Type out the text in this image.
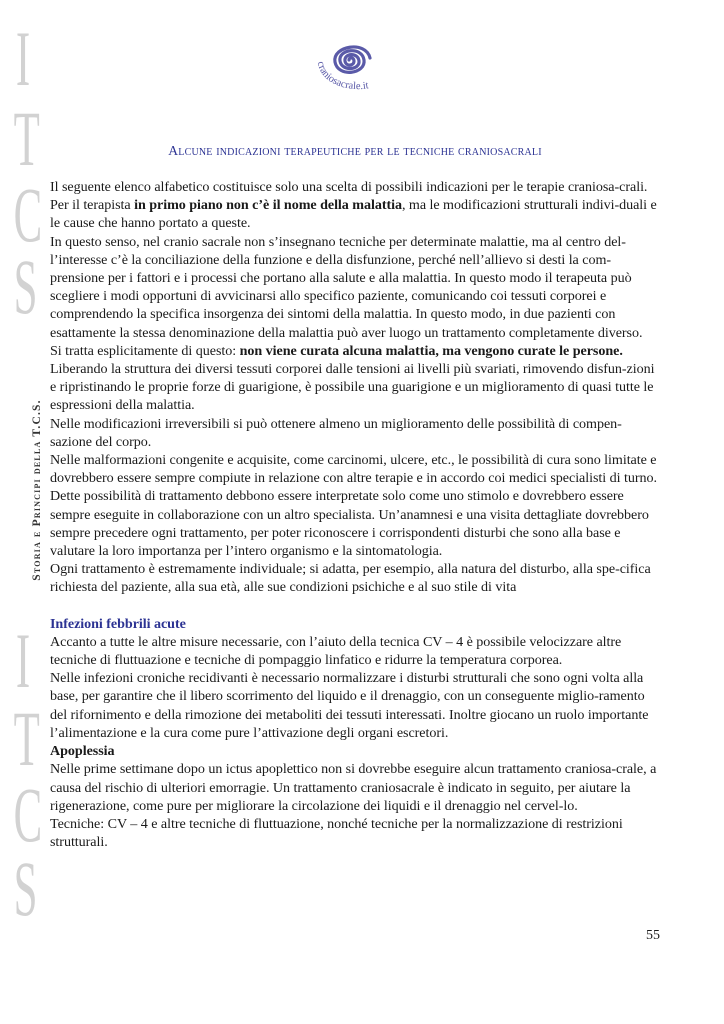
I
T
C
S
Storia e Principi della T.C.S.
I
T
C
S
craniosacrale.it
Alcune indicazioni terapeutiche per le tecniche craniosacrali

Il seguente elenco alfabetico costituisce solo una scelta di possibili indicazioni per le terapie craniosa-crali.

Per il terapista in primo piano non c’è il nome della malattia, ma le modificazioni strutturali indivi-duali e le cause che hanno portato a queste.

In questo senso, nel cranio sacrale non s’insegnano tecniche per determinate malattie, ma al centro del-l’interesse c’è la conciliazione della funzione e della disfunzione, perché nell’allievo si desti la com-prensione per i fattori e i processi che portano alla salute e alla malattia. In questo modo il terapeuta può scegliere i modi opportuni di avvicinarsi allo specifico paziente, comunicando coi tessuti corporei e comprendendo la specifica insorgenza dei sintomi della malattia. In questo modo, in due pazienti con esattamente la stessa denominazione della malattia può aver luogo un trattamento completamente diverso.

Si tratta esplicitamente di questo: non viene curata alcuna malattia, ma vengono curate le persone.

Liberando la struttura dei diversi tessuti corporei dalle tensioni ai livelli più svariati, rimovendo disfun-zioni e ripristinando le proprie forze di guarigione, è possibile una guarigione e un miglioramento di quasi tutte le espressioni della malattia.

Nelle modificazioni irreversibili si può ottenere almeno un miglioramento delle possibilità di compen-sazione del corpo.

Nelle malformazioni congenite e acquisite, come carcinomi, ulcere, etc., le possibilità di cura sono limitate e dovrebbero essere sempre compiute in relazione con altre terapie e in accordo coi medici specialisti di turno.

Dette possibilità di trattamento debbono essere interpretate solo come uno stimolo e dovrebbero essere sempre eseguite in collaborazione con un altro specialista. Un’anamnesi e una visita dettagliate dovrebbero sempre precedere ogni trattamento, per poter riconoscere i corrispondenti disturbi che sono alla base e valutare la loro importanza per l’intero organismo e la sintomatologia.

Ogni trattamento è estremamente individuale; si adatta, per esempio, alla natura del disturbo, alla spe-cifica richiesta del paziente, alla sua età, alle sue condizioni psichiche e al suo stile di vita

Infezioni febbrili acute

Accanto a tutte le altre misure necessarie, con l’aiuto della tecnica CV – 4 è possibile velocizzare altre tecniche di fluttuazione e tecniche di pompaggio linfatico e ridurre la temperatura corporea.

Nelle infezioni croniche recidivanti è necessario normalizzare i disturbi strutturali che sono ogni volta alla base, per garantire che il libero scorrimento del liquido e il drenaggio, con un conseguente miglio-ramento del rifornimento e della rimozione dei metaboliti dei tessuti interessati. Inoltre giocano un ruolo importante l’alimentazione e la cura come pure l’attivazione degli organi escretori.

Apoplessia

Nelle prime settimane dopo un ictus apoplettico non si dovrebbe eseguire alcun trattamento craniosa-crale, a causa del rischio di ulteriori emorragie. Un trattamento craniosacrale è indicato in seguito, per aiutare la rigenerazione, come pure per migliorare la circolazione dei liquidi e il drenaggio nel cervel-lo.

Tecniche: CV – 4 e altre tecniche di fluttuazione, nonché tecniche per la normalizzazione di restrizioni strutturali.

55
